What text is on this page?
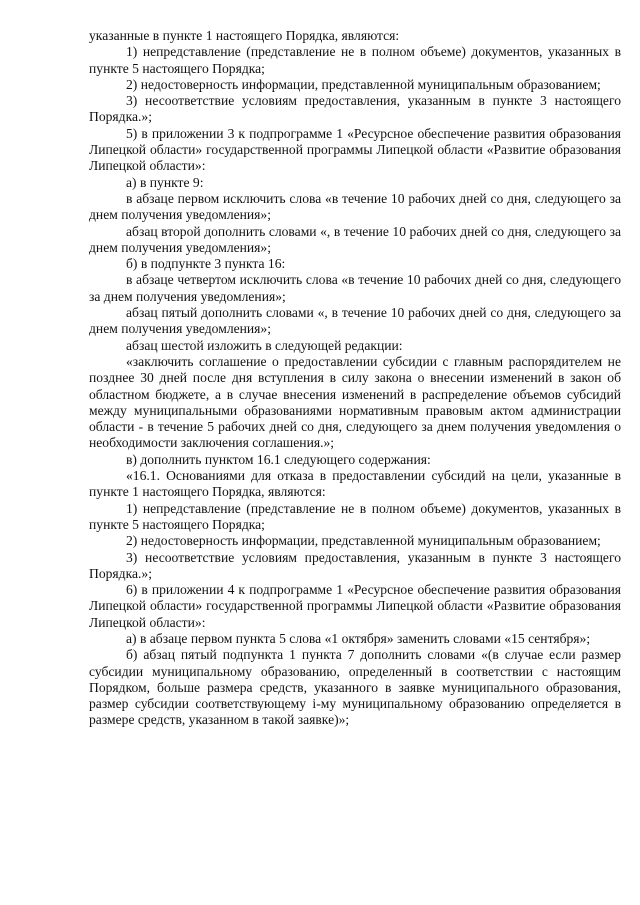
указанные в пункте 1 настоящего Порядка, являются:

1) непредставление (представление не в полном объеме) документов, указанных в пункте 5 настоящего Порядка;

2) недостоверность информации, представленной муниципальным образованием;

3) несоответствие условиям предоставления, указанным в пункте 3 настоящего Порядка.»;

5) в приложении 3 к подпрограмме 1 «Ресурсное обеспечение развития образования Липецкой области» государственной программы Липецкой области «Развитие образования Липецкой области»:

а) в пункте 9:

в абзаце первом исключить слова «в течение 10 рабочих дней со дня, следующего за днем получения уведомления»;

абзац второй дополнить словами «, в течение 10 рабочих дней со дня, следующего за днем получения уведомления»;

б) в подпункте 3 пункта 16:

в абзаце четвертом исключить слова «в течение 10 рабочих дней со дня, следующего за днем получения уведомления»;

абзац пятый дополнить словами «, в течение 10 рабочих дней со дня, следующего за днем получения уведомления»;

абзац шестой изложить в следующей редакции:

«заключить соглашение о предоставлении субсидии с главным распорядителем не позднее 30 дней после дня вступления в силу закона о внесении изменений в закон об областном бюджете, а в случае внесения изменений в распределение объемов субсидий между муниципальными образованиями нормативным правовым актом администрации области - в течение 5 рабочих дней со дня, следующего за днем получения уведомления о необходимости заключения соглашения.»;

в) дополнить пунктом 16.1 следующего содержания:

«16.1. Основаниями для отказа в предоставлении субсидий на цели, указанные в пункте 1 настоящего Порядка, являются:

1) непредставление (представление не в полном объеме) документов, указанных в пункте 5 настоящего Порядка;

2) недостоверность информации, представленной муниципальным образованием;

3) несоответствие условиям предоставления, указанным в пункте 3 настоящего Порядка.»;

6) в приложении 4 к подпрограмме 1 «Ресурсное обеспечение развития образования Липецкой области» государственной программы Липецкой области «Развитие образования Липецкой области»:

а) в абзаце первом пункта 5 слова «1 октября» заменить словами «15 сентября»;

б) абзац пятый подпункта 1 пункта 7 дополнить словами «(в случае если размер субсидии муниципальному образованию, определенный в соответствии с настоящим Порядком, больше размера средств, указанного в заявке муниципального образования, размер субсидии соответствующему i-му муниципальному образованию определяется в размере средств, указанном в такой заявке)»;
